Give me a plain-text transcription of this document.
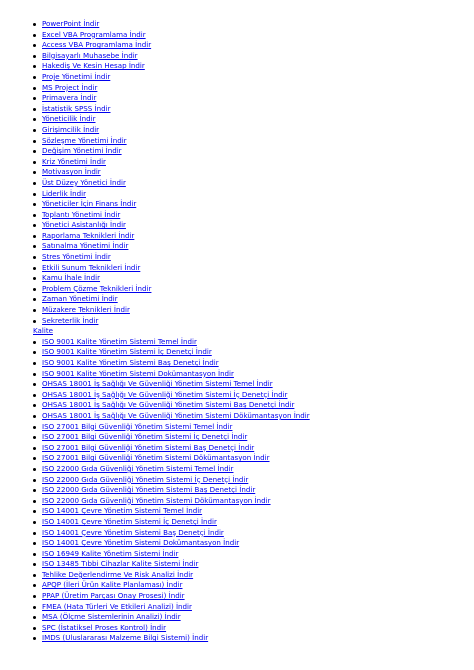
PowerPoint İndir
Excel VBA Programlama İndir
Access VBA Programlama İndir
Bilgisayarlı Muhasebe İndir
Hakediş Ve Kesin Hesap İndir
Proje Yönetimi İndir
MS Project İndir
Primavera İndir
İstatistik SPSS İndir
Yöneticilik İndir
Girişimcilik İndir
Sözleşme Yönetimi İndir
Değişim Yönetimi İndir
Kriz Yönetimi İndir
Motivasyon İndir
Üst Düzey Yönetici İndir
Liderlik İndir
Yöneticiler İçin Finans İndir
Toplantı Yönetimi İndir
Yönetici Asistanlığı İndir
Raporlama Teknikleri İndir
Satınalma Yönetimi İndir
Stres Yönetimi İndir
Etkili Sunum Teknikleri İndir
Kamu İhale İndir
Problem Çözme Teknikleri İndir
Zaman Yönetimi İndir
Müzakere Teknikleri İndir
Sekreterlik İndir
Kalite
ISO 9001 Kalite Yönetim Sistemi Temel İndir
ISO 9001 Kalite Yönetim Sistemi İç Denetçi İndir
ISO 9001 Kalite Yönetim Sistemi Baş Denetçi İndir
ISO 9001 Kalite Yönetim Sistemi Dokümantasyon İndir
OHSAS 18001 İş Sağlığı Ve Güvenliği Yönetim Sistemi Temel İndir
OHSAS 18001 İş Sağlığı Ve Güvenliği Yönetim Sistemi İç Denetçi İndir
OHSAS 18001 İş Sağlığı Ve Güvenliği Yönetim Sistemi Baş Denetçi İndir
OHSAS 18001 İş Sağlığı Ve Güvenliği Yönetim Sistemi Dökümantasyon İndir
ISO 27001 Bilgi Güvenliği Yönetim Sistemi Temel İndir
ISO 27001 Bilgi Güvenliği Yönetim Sistemi İç Denetçi İndir
ISO 27001 Bilgi Güvenliği Yönetim Sistemi Baş Denetçi İndir
ISO 27001 Bilgi Güvenliği Yönetim Sistemi Dökümantasyon İndir
ISO 22000 Gıda Güvenliği Yönetim Sistemi Temel İndir
ISO 22000 Gıda Güvenliği Yönetim Sistemi İç Denetçi İndir
ISO 22000 Gıda Güvenliği Yönetim Sistemi Baş Denetçi İndir
ISO 22000 Gıda Güvenliği Yönetim Sistemi Dökümantasyon İndir
ISO 14001 Çevre Yönetim Sistemi Temel İndir
ISO 14001 Çevre Yönetim Sistemi İç Denetçi İndir
ISO 14001 Çevre Yönetim Sistemi Baş Denetçi İndir
ISO 14001 Çevre Yönetim Sistemi Dokümantasyon İndir
ISO 16949 Kalite Yönetim Sistemi İndir
ISO 13485 Tıbbi Cihazlar Kalite Sistemi İndir
Tehlike Değerlendirme Ve Risk Analizi İndir
APQP (İleri Ürün Kalite Planlaması) İndir
PPAP (Üretim Parçası Onay Prosesi) İndir
FMEA (Hata Türleri Ve Etkileri Analizi) İndir
MSA (Ölçme Sistemlerinin Analizi) İndir
SPC (İstatiksel Proses Kontrol) İndir
IMDS (Uluslararası Malzeme Bilgi Sistemi) İndir
